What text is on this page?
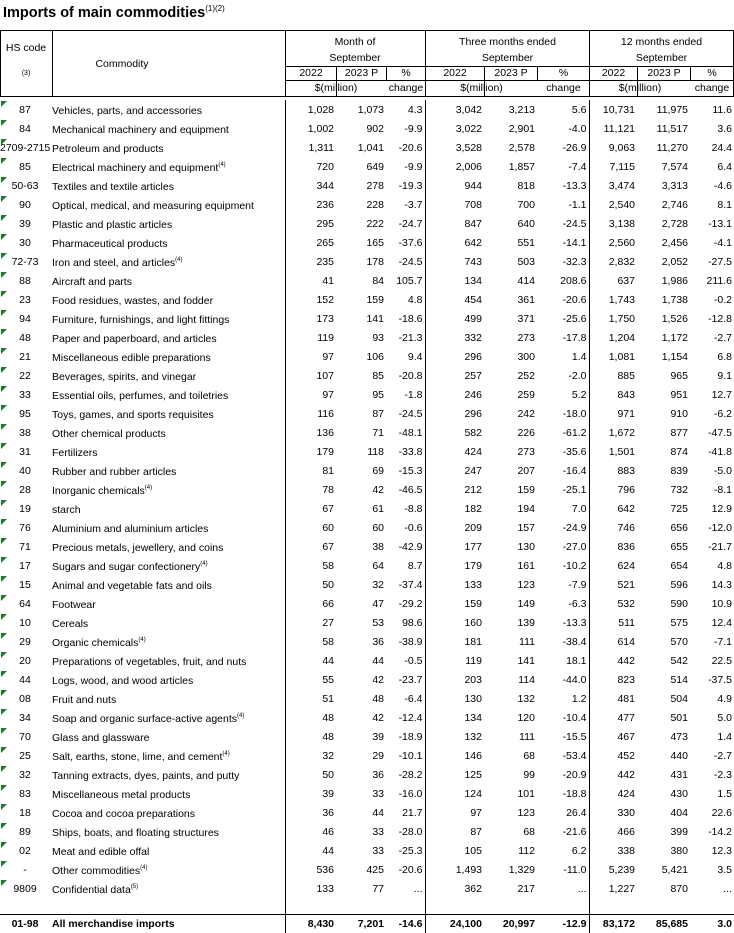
Imports of main commodities$^{(1)(2)}$
HS code
(3)
Commodity
Month of
September
2022	2023 P	%
$(million)	change
Three months ended
September
2022	2023 P	%
$(million)	change
12 months ended
September
2022	2023 P	%
$(million)	change
87	Vehicles, parts, and accessories	1,028	1,073	4.3	3,042	3,213	5.6	10,731	11,975	11.6

84	Mechanical machinery and equipment	1,002	902	-9.9	3,022	2,901	-4.0	11,121	11,517	3.6

2709-2715	Petroleum and products	1,311	1,041	-20.6	3,528	2,578	-26.9	9,063	11,270	24.4

85	Electrical machinery and equipment$^{(4)}$	720	649	-9.9	2,006	1,857	-7.4	7,115	7,574	6.4

50-63	Textiles and textile articles	344	278	-19.3	944	818	-13.3	3,474	3,313	-4.6

90	Optical, medical, and measuring equipment	236	228	-3.7	708	700	-1.1	2,540	2,746	8.1

39	Plastic and plastic articles	295	222	-24.7	847	640	-24.5	3,138	2,728	-13.1

30	Pharmaceutical products	265	165	-37.6	642	551	-14.1	2,560	2,456	-4.1

72-73	Iron and steel, and articles$^{(4)}$	235	178	-24.5	743	503	-32.3	2,832	2,052	-27.5

88	Aircraft and parts	41	84	105.7	134	414	208.6	637	1,986	211.6

23	Food residues, wastes, and fodder	152	159	4.8	454	361	-20.6	1,743	1,738	-0.2

94	Furniture, furnishings, and light fittings	173	141	-18.6	499	371	-25.6	1,750	1,526	-12.8

48	Paper and paperboard, and articles	119	93	-21.3	332	273	-17.8	1,204	1,172	-2.7

21	Miscellaneous edible preparations	97	106	9.4	296	300	1.4	1,081	1,154	6.8

22	Beverages, spirits, and vinegar	107	85	-20.8	257	252	-2.0	885	965	9.1

33	Essential oils, perfumes, and toiletries	97	95	-1.8	246	259	5.2	843	951	12.7

95	Toys, games, and sports requisites	116	87	-24.5	296	242	-18.0	971	910	-6.2

38	Other chemical products	136	71	-48.1	582	226	-61.2	1,672	877	-47.5

31	Fertilizers	179	118	-33.8	424	273	-35.6	1,501	874	-41.8

40	Rubber and rubber articles	81	69	-15.3	247	207	-16.4	883	839	-5.0

28	Inorganic chemicals$^{(4)}$	78	42	-46.5	212	159	-25.1	796	732	-8.1

19	starch	67	61	-8.8	182	194	7.0	642	725	12.9

76	Aluminium and aluminium articles	60	60	-0.6	209	157	-24.9	746	656	-12.0

71	Precious metals, jewellery, and coins	67	38	-42.9	177	130	-27.0	836	655	-21.7

17	Sugars and sugar confectionery$^{(4)}$	58	64	8.7	179	161	-10.2	624	654	4.8

15	Animal and vegetable fats and oils	50	32	-37.4	133	123	-7.9	521	596	14.3

64	Footwear	66	47	-29.2	159	149	-6.3	532	590	10.9

10	Cereals	27	53	98.6	160	139	-13.3	511	575	12.4

29	Organic chemicals$^{(4)}$	58	36	-38.9	181	111	-38.4	614	570	-7.1

20	Preparations of vegetables, fruit, and nuts	44	44	-0.5	119	141	18.1	442	542	22.5

44	Logs, wood, and wood articles	55	42	-23.7	203	114	-44.0	823	514	-37.5

08	Fruit and nuts	51	48	-6.4	130	132	1.2	481	504	4.9

34	Soap and organic surface-active agents$^{(4)}$	48	42	-12.4	134	120	-10.4	477	501	5.0

70	Glass and glassware	48	39	-18.9	132	111	-15.5	467	473	1.4

25	Salt, earths, stone, lime, and cement$^{(4)}$	32	29	-10.1	146	68	-53.4	452	440	-2.7

32	Tanning extracts, dyes, paints, and putty	50	36	-28.2	125	99	-20.9	442	431	-2.3

83	Miscellaneous metal products	39	33	-16.0	124	101	-18.8	424	430	1.5

18	Cocoa and cocoa preparations	36	44	21.7	97	123	26.4	330	404	22.6

89	Ships, boats, and floating structures	46	33	-28.0	87	68	-21.6	466	399	-14.2

02	Meat and edible offal	44	33	-25.3	105	112	6.2	338	380	12.3

-	Other commodities$^{(4)}$	536	425	-20.6	1,493	1,329	-11.0	5,239	5,421	3.5

9809	Confidential data$^{(5)}$	133	77	...	362	217	...	1,227	870	...

01-98	All merchandise imports	8,430	7,201	-14.6	24,100	20,997	-12.9	83,172	85,685	3.0
